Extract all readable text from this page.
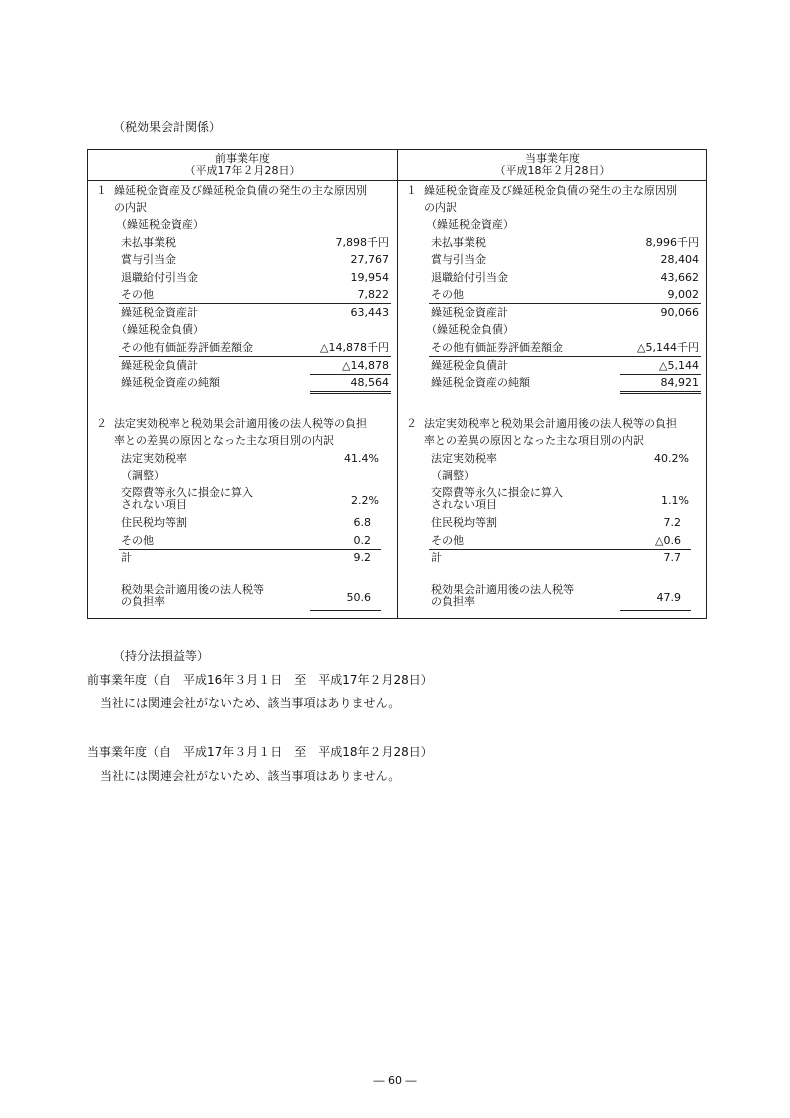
（税効果会計関係）
前事業年度
（平成17年２月28日）
１ 繰延税金資産及び繰延税金負債の発生の主な原因別
の内訳
（繰延税金資産）
未払事業税	7,898千円
賞与引当金	27,767
退職給付引当金	19,954
その他	7,822
繰延税金資産計	63,443
（繰延税金負債）
その他有価証券評価差額金	△14,878千円
繰延税金負債計	△14,878
繰延税金資産の純額	48,564
２ 法定実効税率と税効果会計適用後の法人税等の負担
率との差異の原因となった主な項目別の内訳
法定実効税率	41.4%
（調整）
交際費等永久に損金に算入
されない項目	2.2%
住民税均等割	6.8
その他	0.2
計	9.2
税効果会計適用後の法人税等
の負担率	50.6
当事業年度
（平成18年２月28日）
１ 繰延税金資産及び繰延税金負債の発生の主な原因別
の内訳
（繰延税金資産）
未払事業税	8,996千円
賞与引当金	28,404
退職給付引当金	43,662
その他	9,002
繰延税金資産計	90,066
（繰延税金負債）
その他有価証券評価差額金	△5,144千円
繰延税金負債計	△5,144
繰延税金資産の純額	84,921
２ 法定実効税率と税効果会計適用後の法人税等の負担
率との差異の原因となった主な項目別の内訳
法定実効税率	40.2%
（調整）
交際費等永久に損金に算入
されない項目	1.1%
住民税均等割	7.2
その他	△0.6
計	7.7
税効果会計適用後の法人税等
の負担率	47.9
（持分法損益等）
前事業年度（自　平成16年３月１日　至　平成17年２月28日）
当社には関連会社がないため、該当事項はありません。
当事業年度（自　平成17年３月１日　至　平成18年２月28日）
当社には関連会社がないため、該当事項はありません。
― 60 ―
